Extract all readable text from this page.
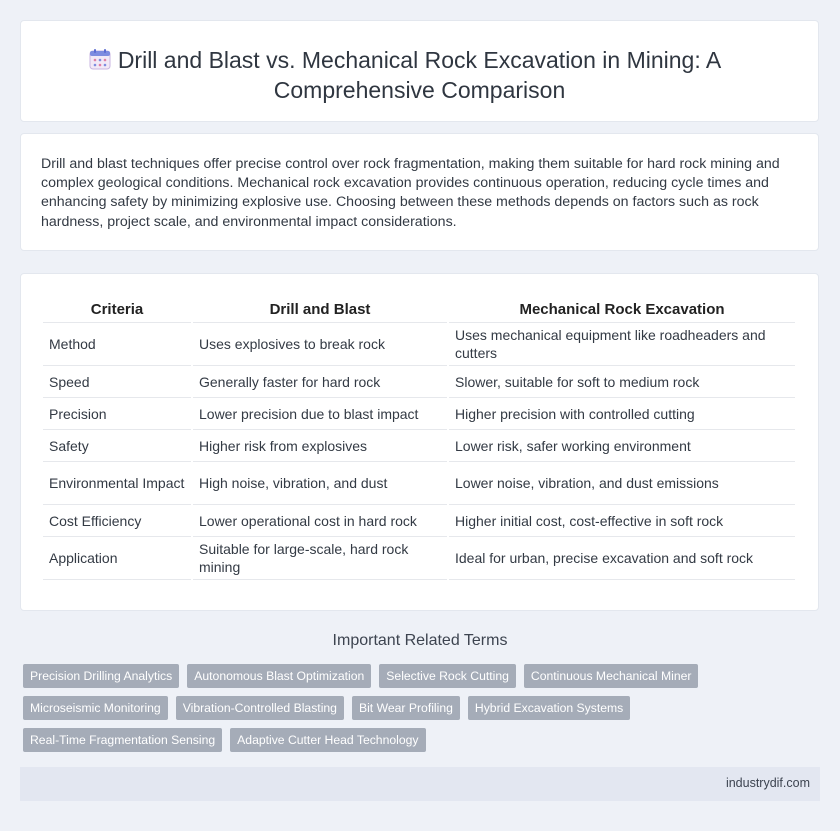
Drill and Blast vs. Mechanical Rock Excavation in Mining: A Comprehensive Comparison

Drill and blast techniques offer precise control over rock fragmentation, making them suitable for hard rock mining and complex geological conditions. Mechanical rock excavation provides continuous operation, reducing cycle times and enhancing safety by minimizing explosive use. Choosing between these methods depends on factors such as rock hardness, project scale, and environmental impact considerations.

Criteria	Drill and Blast	Mechanical Rock Excavation
Method	Uses explosives to break rock	Uses mechanical equipment like roadheaders and cutters
Speed	Generally faster for hard rock	Slower, suitable for soft to medium rock
Precision	Lower precision due to blast impact	Higher precision with controlled cutting
Safety	Higher risk from explosives	Lower risk, safer working environment
Environmental Impact	High noise, vibration, and dust	Lower noise, vibration, and dust emissions
Cost Efficiency	Lower operational cost in hard rock	Higher initial cost, cost-effective in soft rock
Application	Suitable for large-scale, hard rock mining	Ideal for urban, precise excavation and soft rock
Important Related Terms
Precision Drilling Analytics	Autonomous Blast Optimization	Selective Rock Cutting	Continuous Mechanical Miner
Microseismic Monitoring	Vibration-Controlled Blasting	Bit Wear Profiling	Hybrid Excavation Systems
Real-Time Fragmentation Sensing	Adaptive Cutter Head Technology
industrydif.com
